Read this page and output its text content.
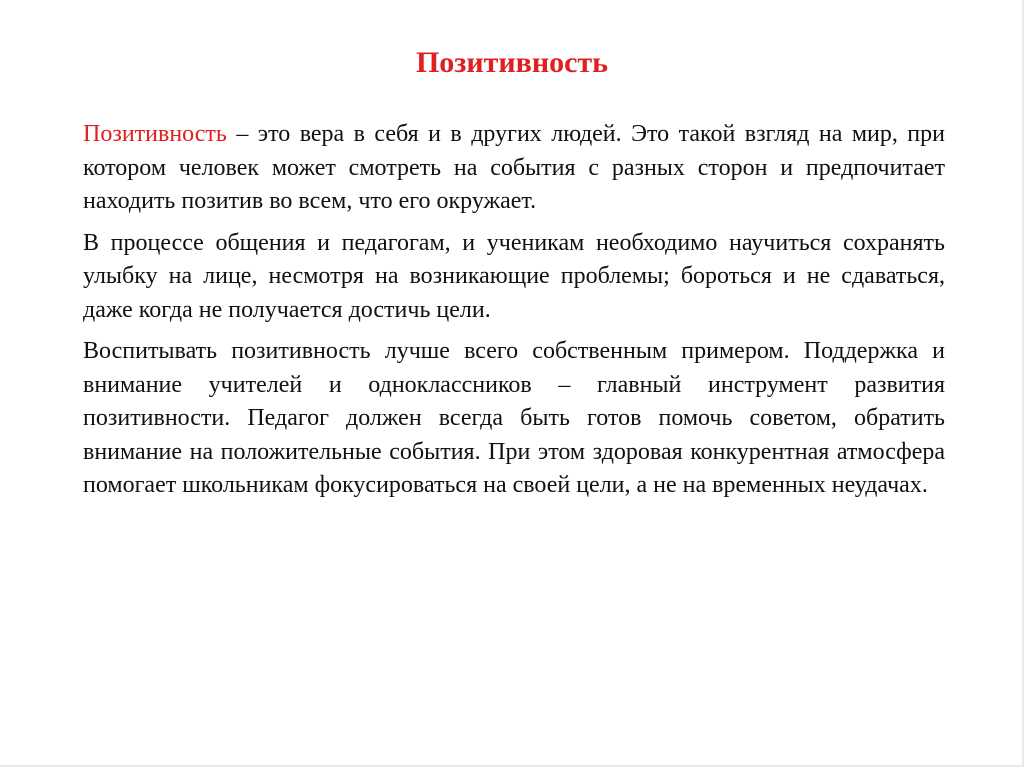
Позитивность

Позитивность – это вера в себя и в других людей. Это такой взгляд на мир, при котором человек может смотреть на события с разных сторон и предпочитает находить позитив во всем, что его окружает.

В процессе общения и педагогам, и ученикам необходимо научиться сохранять улыбку на лице, несмотря на возникающие проблемы; бороться и не сдаваться, даже когда не получается достичь цели.

Воспитывать позитивность лучше всего собственным примером. Поддержка и внимание учителей и одноклассников – главный инструмент развития позитивности. Педагог должен всегда быть готов помочь советом, обратить внимание на положительные события. При этом здоровая конкурентная атмосфера помогает школьникам фокусироваться на своей цели, а не на временных неудачах.
